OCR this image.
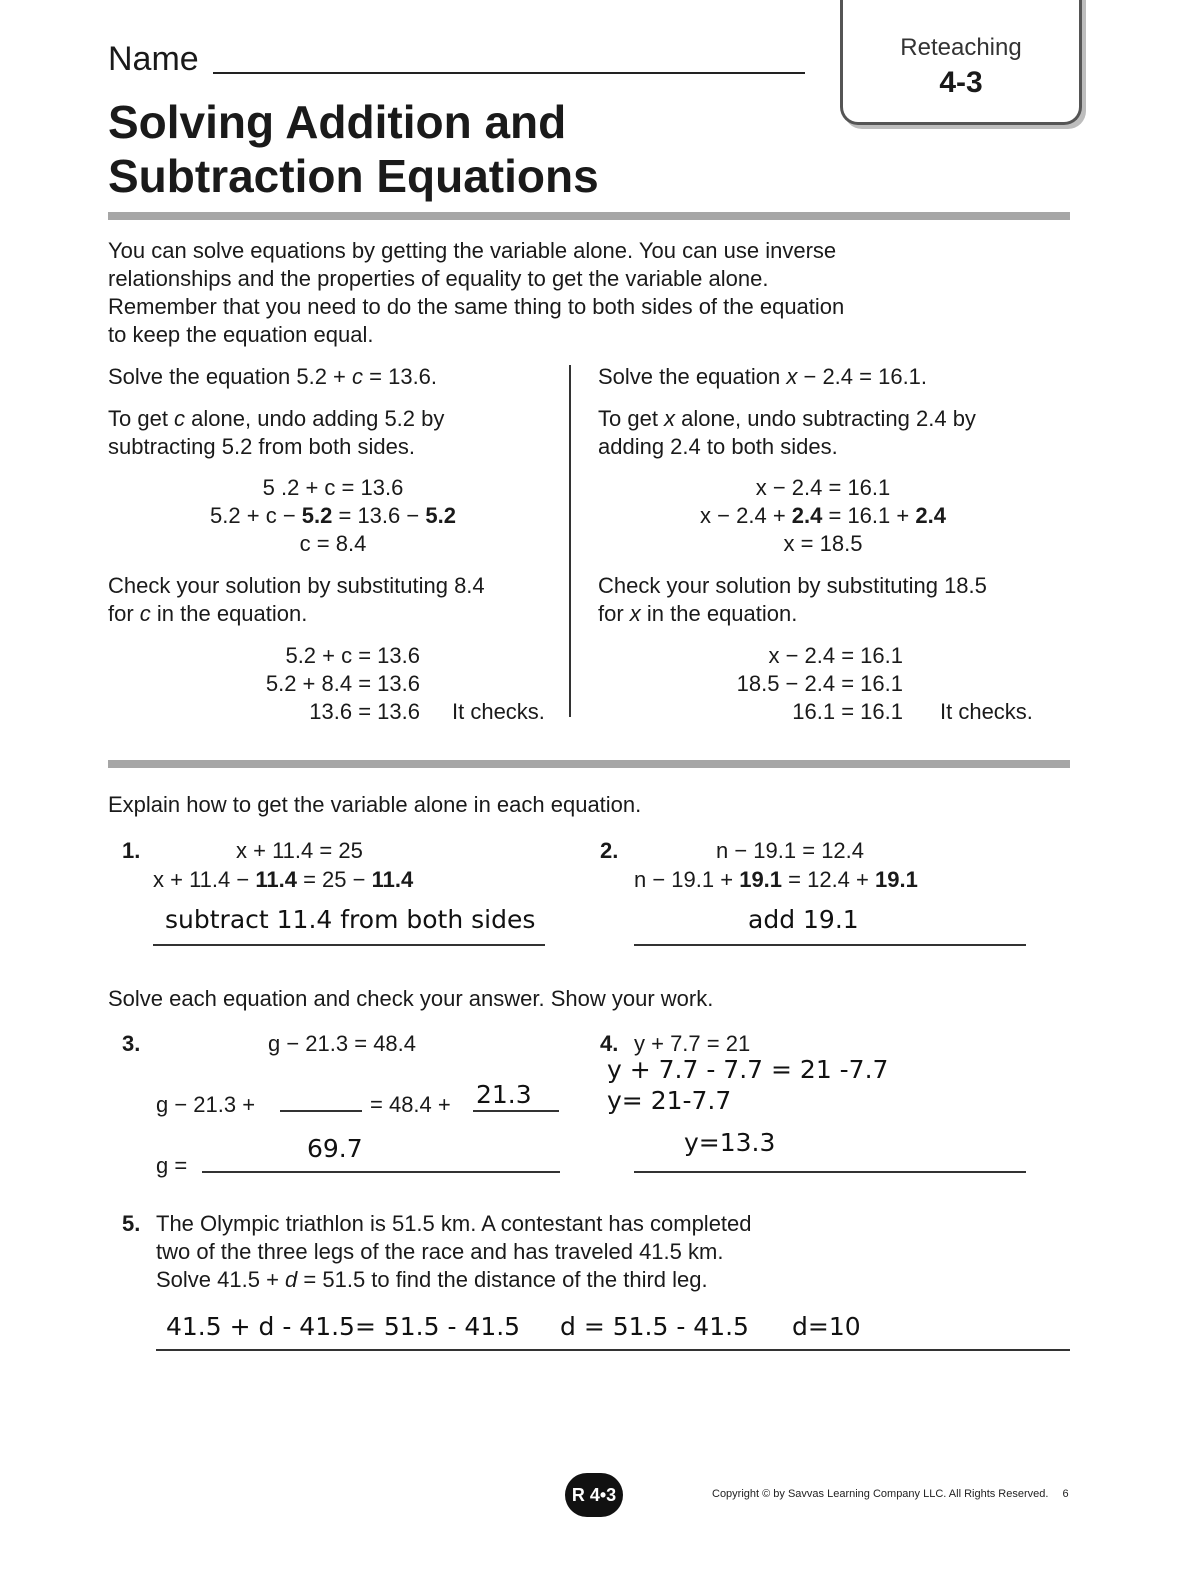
Name
Solving Addition and
Subtraction Equations
Reteaching
4-3
You can solve equations by getting the variable alone. You can use inverse relationships and the properties of equality to get the variable alone. Remember that you need to do the same thing to both sides of the equation to keep the equation equal.
Solve the equation 5.2 + c = 13.6.
To get c alone, undo adding 5.2 by
subtracting 5.2 from both sides.
5 .2 + c = 13.6
5.2 + c − 5.2 = 13.6 − 5.2
c = 8.4
Check your solution by substituting 8.4
for c in the equation.
5.2 + c = 13.6
5.2 + 8.4 = 13.6
13.6 = 13.6 It checks.
Solve the equation x − 2.4 = 16.1.
To get x alone, undo subtracting 2.4 by
adding 2.4 to both sides.
x − 2.4 = 16.1
x − 2.4 + 2.4 = 16.1 + 2.4
x = 18.5
Check your solution by substituting 18.5
for x in the equation.
x − 2.4 = 16.1
18.5 − 2.4 = 16.1
16.1 = 16.1 It checks.
Explain how to get the variable alone in each equation.
1.	x + 11.4 = 25
x + 11.4 − 11.4 = 25 − 11.4
subtract 11.4 from both sides
2.	n − 19.1 = 12.4
n − 19.1 + 19.1 = 12.4 + 19.1
add 19.1
Solve each equation and check your answer. Show your work.
3.	g − 21.3 = 48.4
g − 21.3 +	= 48.4 + 21.3
g =
69.7
4. y + 7.7 = 21
y + 7.7 - 7.7 = 21 -7.7
y= 21-7.7
y=13.3
5. The Olympic triathlon is 51.5 km. A contestant has completed
two of the three legs of the race and has traveled 41.5 km.
Solve 41.5 + d = 51.5 to find the distance of the third leg.
41.5 + d - 41.5= 51.5 - 41.5 d = 51.5 - 41.5 d=10
R 4•3	Copyright © by Savvas Learning Company LLC. All Rights Reserved. 6
